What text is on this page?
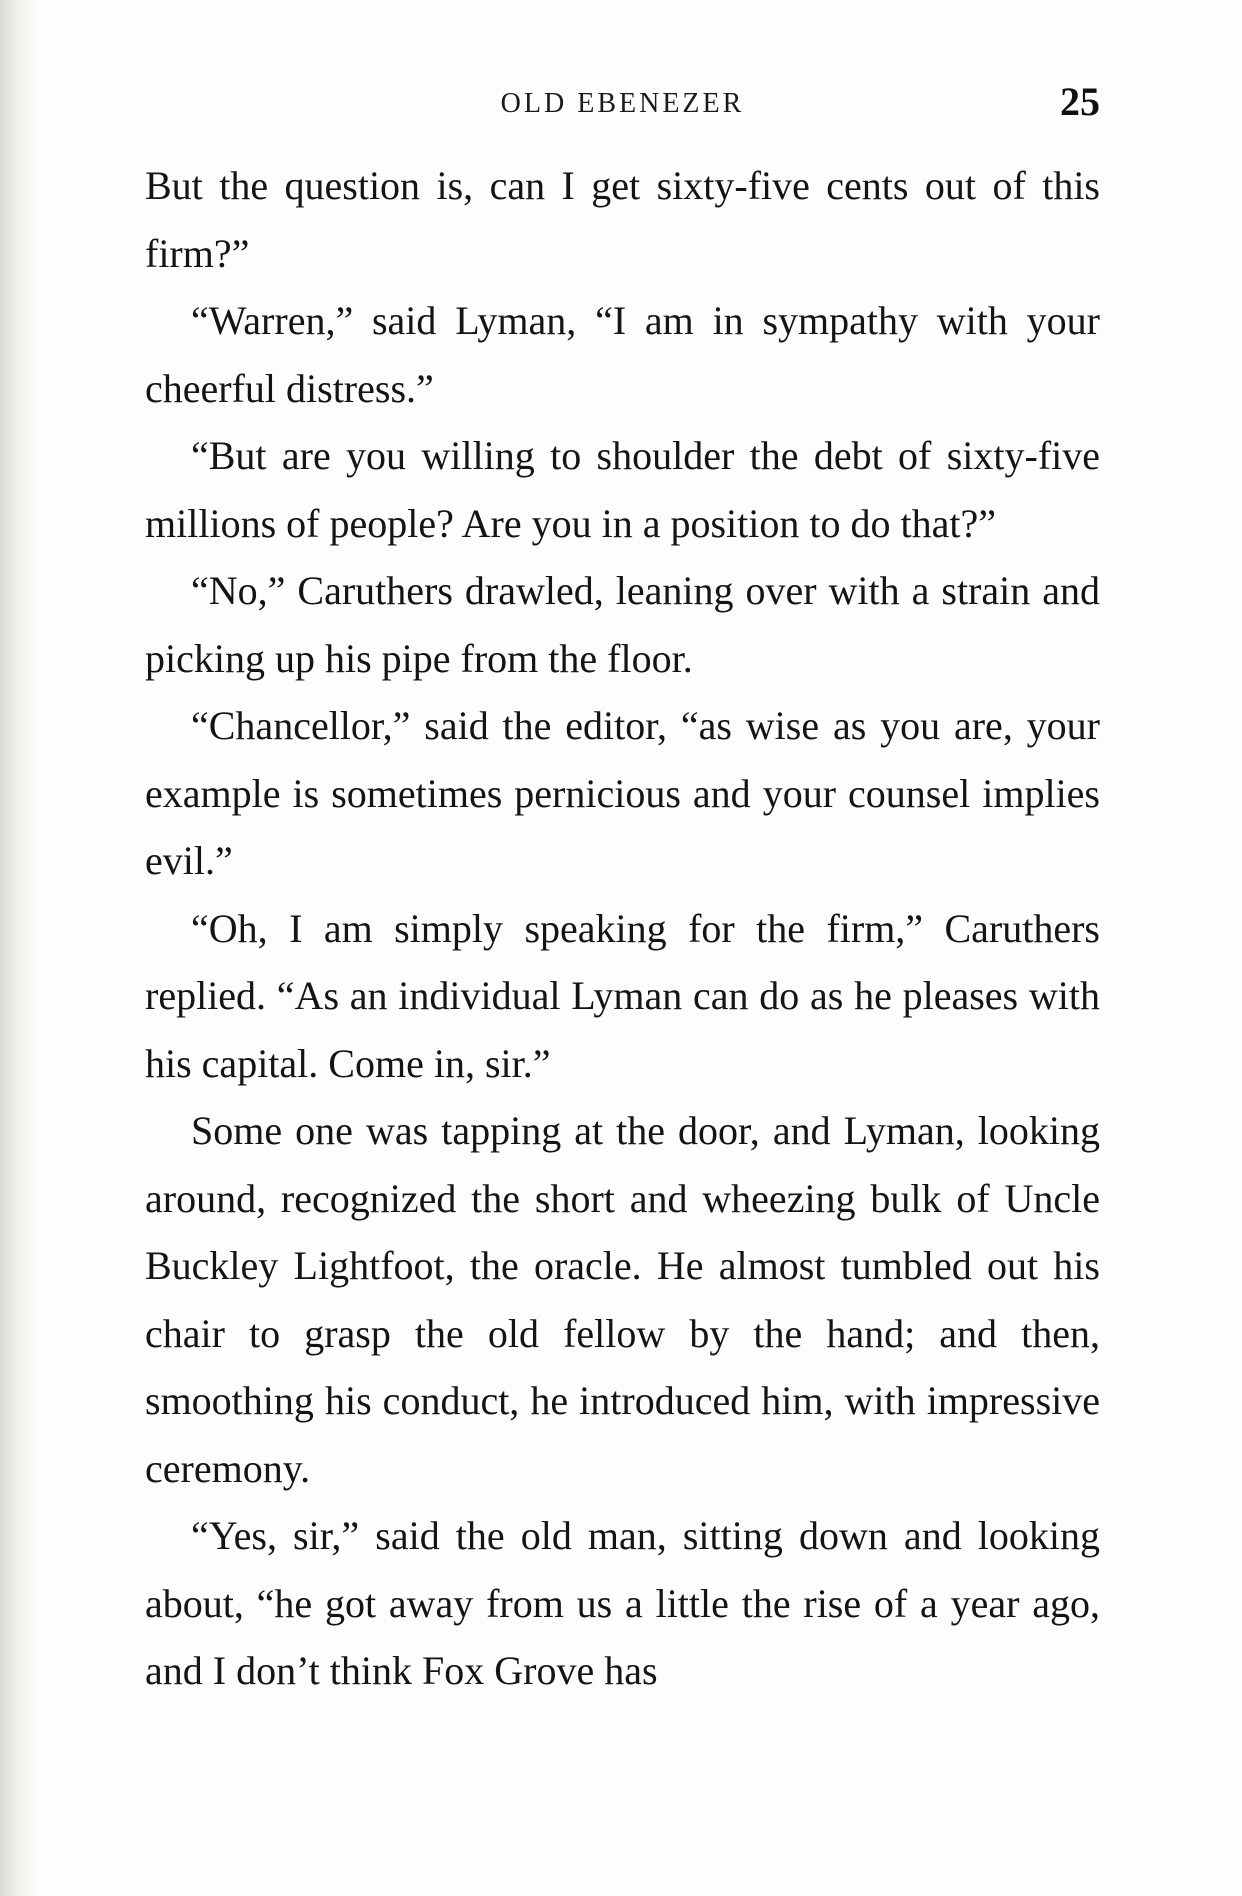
OLD EBENEZER	25

But the question is, can I get sixty-five cents out of this firm?”

“Warren,” said Lyman, “I am in sympathy with your cheerful distress.”

“But are you willing to shoulder the debt of sixty-five millions of people? Are you in a position to do that?”

“No,” Caruthers drawled, leaning over with a strain and picking up his pipe from the floor.

“Chancellor,” said the editor, “as wise as you are, your example is sometimes pernicious and your counsel implies evil.”

“Oh, I am simply speaking for the firm,” Caruthers replied. “As an individual Lyman can do as he pleases with his capital. Come in, sir.”

Some one was tapping at the door, and Lyman, looking around, recognized the short and wheezing bulk of Uncle Buckley Lightfoot, the oracle. He almost tumbled out his chair to grasp the old fellow by the hand; and then, smoothing his conduct, he introduced him, with impressive ceremony.

“Yes, sir,” said the old man, sitting down and looking about, “he got away from us a little the rise of a year ago, and I don’t think Fox Grove has
